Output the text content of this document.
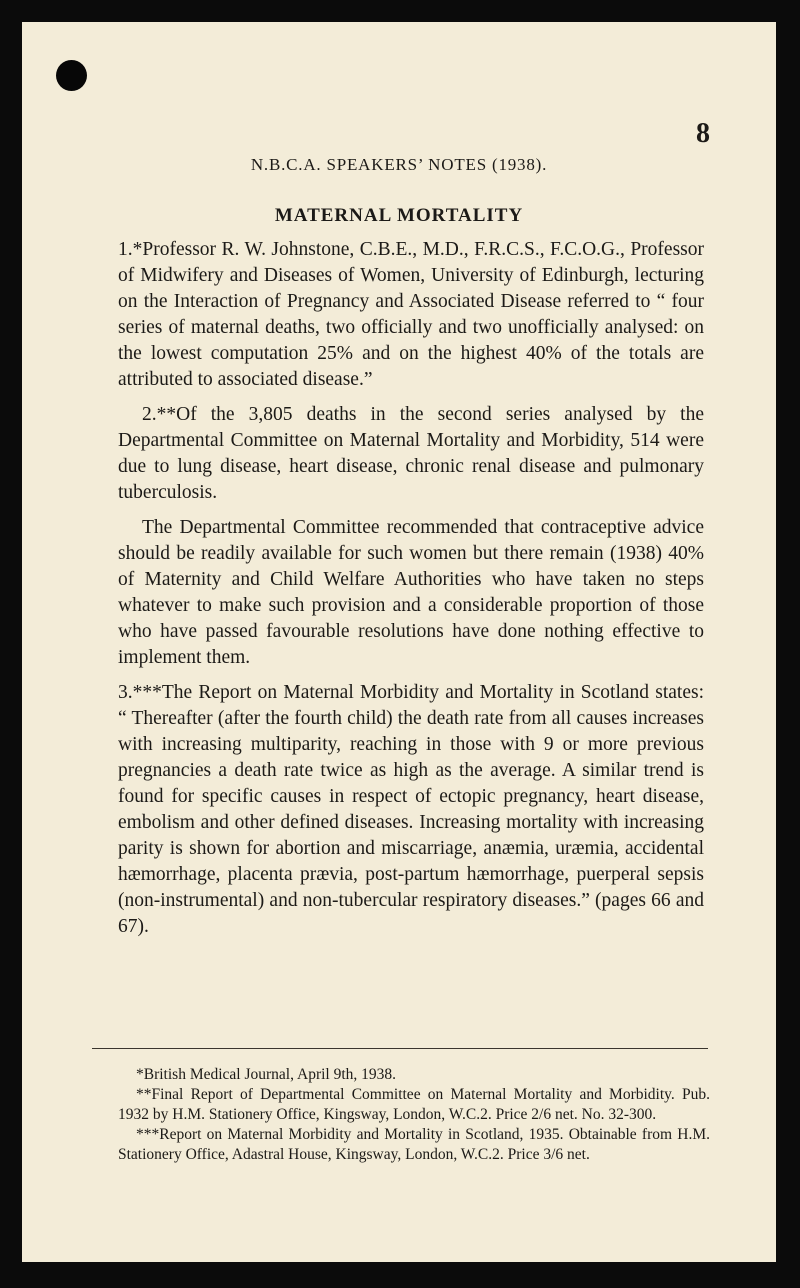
8
N.B.C.A. SPEAKERS’ NOTES (1938).
MATERNAL MORTALITY

1.*Professor R. W. Johnstone, C.B.E., M.D., F.R.C.S., F.C.O.G., Professor of Midwifery and Diseases of Women, University of Edinburgh, lecturing on the Interaction of Pregnancy and Associated Disease referred to “ four series of maternal deaths, two officially and two unofficially analysed: on the lowest computation 25% and on the highest 40% of the totals are attributed to associated disease.”

2.**Of the 3,805 deaths in the second series analysed by the Departmental Committee on Maternal Mortality and Morbidity, 514 were due to lung disease, heart disease, chronic renal disease and pulmonary tuberculosis.

The Departmental Committee recommended that contraceptive advice should be readily available for such women but there remain (1938) 40% of Maternity and Child Welfare Authorities who have taken no steps whatever to make such provision and a considerable proportion of those who have passed favourable resolutions have done nothing effective to implement them.

3.***The Report on Maternal Morbidity and Mortality in Scotland states: “ Thereafter (after the fourth child) the death rate from all causes increases with increasing multiparity, reaching in those with 9 or more previous pregnancies a death rate twice as high as the average. A similar trend is found for specific causes in respect of ectopic pregnancy, heart disease, embolism and other defined diseases. Increasing mortality with increasing parity is shown for abortion and miscarriage, anæmia, uræmia, accidental hæmorrhage, placenta prævia, post-partum hæmorrhage, puerperal sepsis (non-instrumental) and non-tubercular respiratory diseases.” (pages 66 and 67).

*British Medical Journal, April 9th, 1938.

**Final Report of Departmental Committee on Maternal Mortality and Morbidity. Pub. 1932 by H.M. Stationery Office, Kingsway, London, W.C.2. Price 2/6 net. No. 32-300.

***Report on Maternal Morbidity and Mortality in Scotland, 1935. Obtainable from H.M. Stationery Office, Adastral House, Kingsway, London, W.C.2. Price 3/6 net.
